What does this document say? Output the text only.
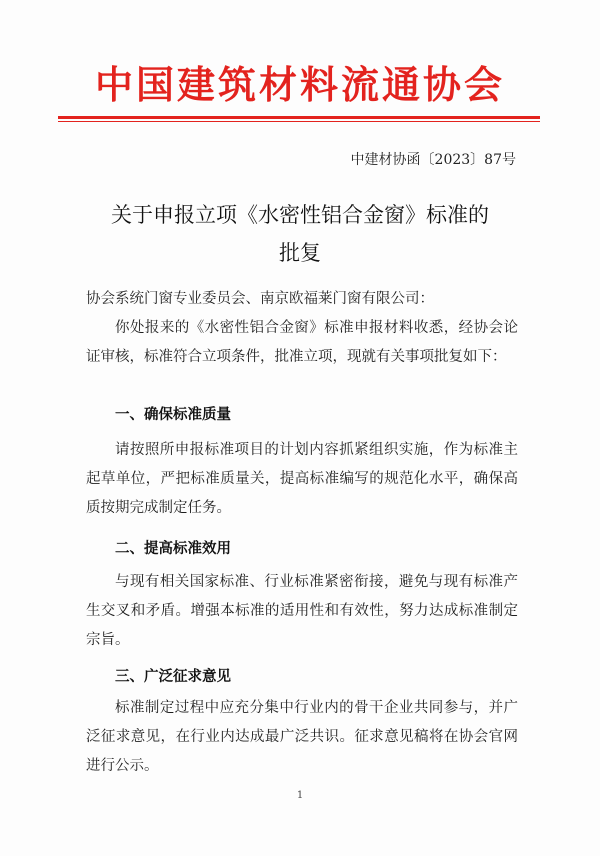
中国建筑材料流通协会
中建材协函〔2023〕87号
关于申报立项《水密性铝合金窗》标准的
批复
协会系统门窗专业委员会、南京欧福莱门窗有限公司：
你处报来的《水密性铝合金窗》标准申报材料收悉，经协会论证审核，标准符合立项条件，批准立项，现就有关事项批复如下：
一、确保标准质量
请按照所申报标准项目的计划内容抓紧组织实施，作为标准主起草单位，严把标准质量关，提高标准编写的规范化水平，确保高质按期完成制定任务。
二、提高标准效用
与现有相关国家标准、行业标准紧密衔接，避免与现有标准产生交叉和矛盾。增强本标准的适用性和有效性，努力达成标准制定宗旨。
三、广泛征求意见
标准制定过程中应充分集中行业内的骨干企业共同参与，并广泛征求意见，在行业内达成最广泛共识。征求意见稿将在协会官网进行公示。
1
